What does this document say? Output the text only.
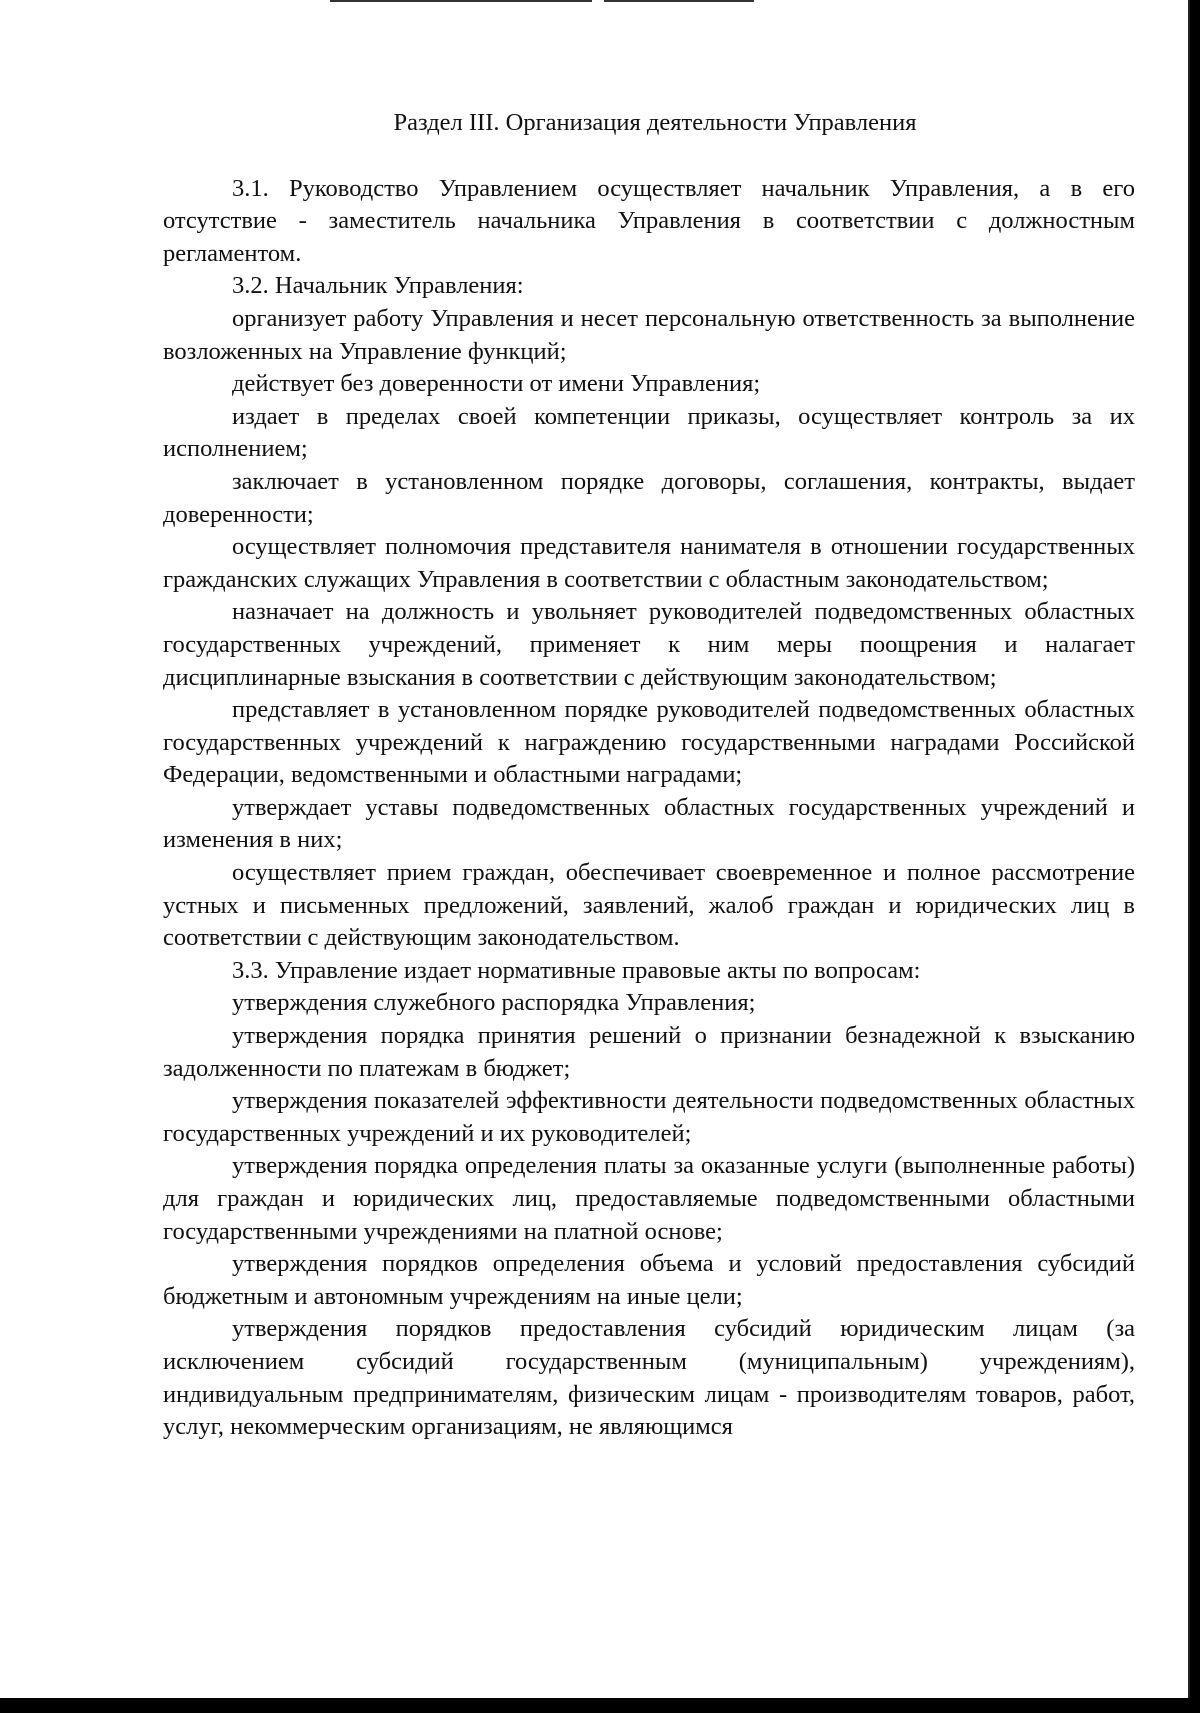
Раздел III. Организация деятельности Управления

3.1. Руководство Управлением осуществляет начальник Управления, а в его отсутствие - заместитель начальника Управления в соответствии с должностным регламентом.

3.2. Начальник Управления:

организует работу Управления и несет персональную ответственность за выполнение возложенных на Управление функций;

действует без доверенности от имени Управления;

издает в пределах своей компетенции приказы, осуществляет контроль за их исполнением;

заключает в установленном порядке договоры, соглашения, контракты, выдает доверенности;

осуществляет полномочия представителя нанимателя в отношении государственных гражданских служащих Управления в соответствии с областным законодательством;

назначает на должность и увольняет руководителей подведомственных областных государственных учреждений, применяет к ним меры поощрения и налагает дисциплинарные взыскания в соответствии с действующим законодательством;

представляет в установленном порядке руководителей подведомственных областных государственных учреждений к награждению государственными наградами Российской Федерации, ведомственными и областными наградами;

утверждает уставы подведомственных областных государственных учреждений и изменения в них;

осуществляет прием граждан, обеспечивает своевременное и полное рассмотрение устных и письменных предложений, заявлений, жалоб граждан и юридических лиц в соответствии с действующим законодательством.

3.3. Управление издает нормативные правовые акты по вопросам:

утверждения служебного распорядка Управления;

утверждения порядка принятия решений о признании безнадежной к взысканию задолженности по платежам в бюджет;

утверждения показателей эффективности деятельности подведомственных областных государственных учреждений и их руководителей;

утверждения порядка определения платы за оказанные услуги (выполненные работы) для граждан и юридических лиц, предоставляемые подведомственными областными государственными учреждениями на платной основе;

утверждения порядков определения объема и условий предоставления субсидий бюджетным и автономным учреждениям на иные цели;

утверждения порядков предоставления субсидий юридическим лицам (за исключением субсидий государственным (муниципальным) учреждениям), индивидуальным предпринимателям, физическим лицам - производителям товаров, работ, услуг, некоммерческим организациям, не являющимся
